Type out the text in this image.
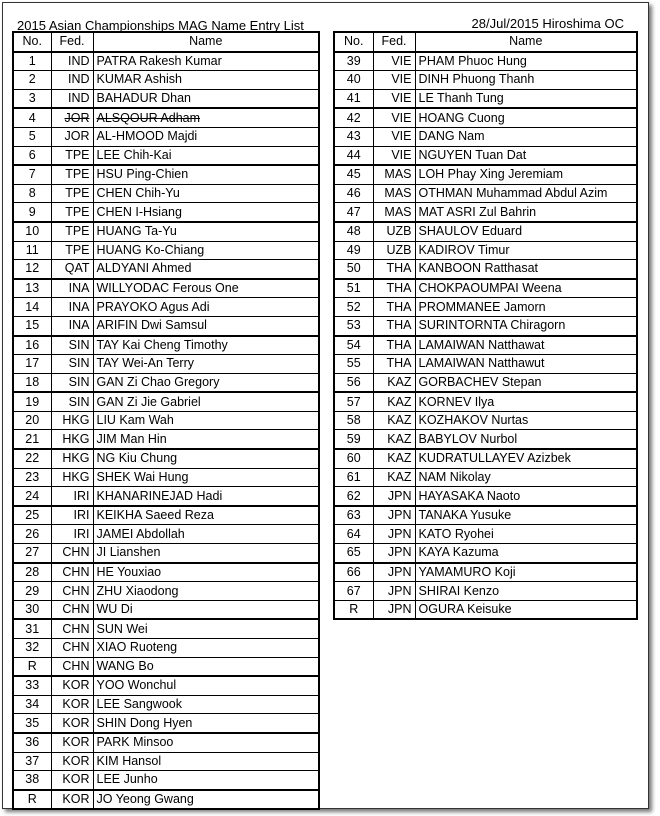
2015 Asian Championships MAG Name Entry List	28/Jul/2015 Hiroshima OC
No.	Fed.	Name
1	IND	PATRA Rakesh Kumar
2	IND	KUMAR Ashish
3	IND	BAHADUR Dhan
4	JOR	ALSQOUR Adham
5	JOR	AL-HMOOD Majdi
6	TPE	LEE Chih-Kai
7	TPE	HSU Ping-Chien
8	TPE	CHEN Chih-Yu
9	TPE	CHEN I-Hsiang
10	TPE	HUANG Ta-Yu
11	TPE	HUANG Ko-Chiang
12	QAT	ALDYANI Ahmed
13	INA	WILLYODAC Ferous One
14	INA	PRAYOKO Agus Adi
15	INA	ARIFIN Dwi Samsul
16	SIN	TAY Kai Cheng Timothy
17	SIN	TAY Wei-An Terry
18	SIN	GAN Zi Chao Gregory
19	SIN	GAN Zi Jie Gabriel
20	HKG	LIU Kam Wah
21	HKG	JIM Man Hin
22	HKG	NG Kiu Chung
23	HKG	SHEK Wai Hung
24	IRI	KHANARINEJAD Hadi
25	IRI	KEIKHA Saeed Reza
26	IRI	JAMEI Abdollah
27	CHN	JI Lianshen
28	CHN	HE Youxiao
29	CHN	ZHU Xiaodong
30	CHN	WU Di
31	CHN	SUN Wei
32	CHN	XIAO Ruoteng
R	CHN	WANG Bo
33	KOR	YOO Wonchul
34	KOR	LEE Sangwook
35	KOR	SHIN Dong Hyen
36	KOR	PARK Minsoo
37	KOR	KIM Hansol
38	KOR	LEE Junho
R	KOR	JO Yeong Gwang
No.	Fed.	Name
39	VIE	PHAM Phuoc Hung
40	VIE	DINH Phuong Thanh
41	VIE	LE Thanh Tung
42	VIE	HOANG Cuong
43	VIE	DANG Nam
44	VIE	NGUYEN Tuan Dat
45	MAS	LOH Phay Xing Jeremiam
46	MAS	OTHMAN Muhammad Abdul Azim
47	MAS	MAT ASRI Zul Bahrin
48	UZB	SHAULOV Eduard
49	UZB	KADIROV Timur
50	THA	KANBOON Ratthasat
51	THA	CHOKPAOUMPAI Weena
52	THA	PROMMANEE Jamorn
53	THA	SURINTORNTA Chiragorn
54	THA	LAMAIWAN Natthawat
55	THA	LAMAIWAN Natthawut
56	KAZ	GORBACHEV Stepan
57	KAZ	KORNEV Ilya
58	KAZ	KOZHAKOV Nurtas
59	KAZ	BABYLOV Nurbol
60	KAZ	KUDRATULLAYEV Azizbek
61	KAZ	NAM Nikolay
62	JPN	HAYASAKA Naoto
63	JPN	TANAKA Yusuke
64	JPN	KATO Ryohei
65	JPN	KAYA Kazuma
66	JPN	YAMAMURO Koji
67	JPN	SHIRAI Kenzo
R	JPN	OGURA Keisuke
